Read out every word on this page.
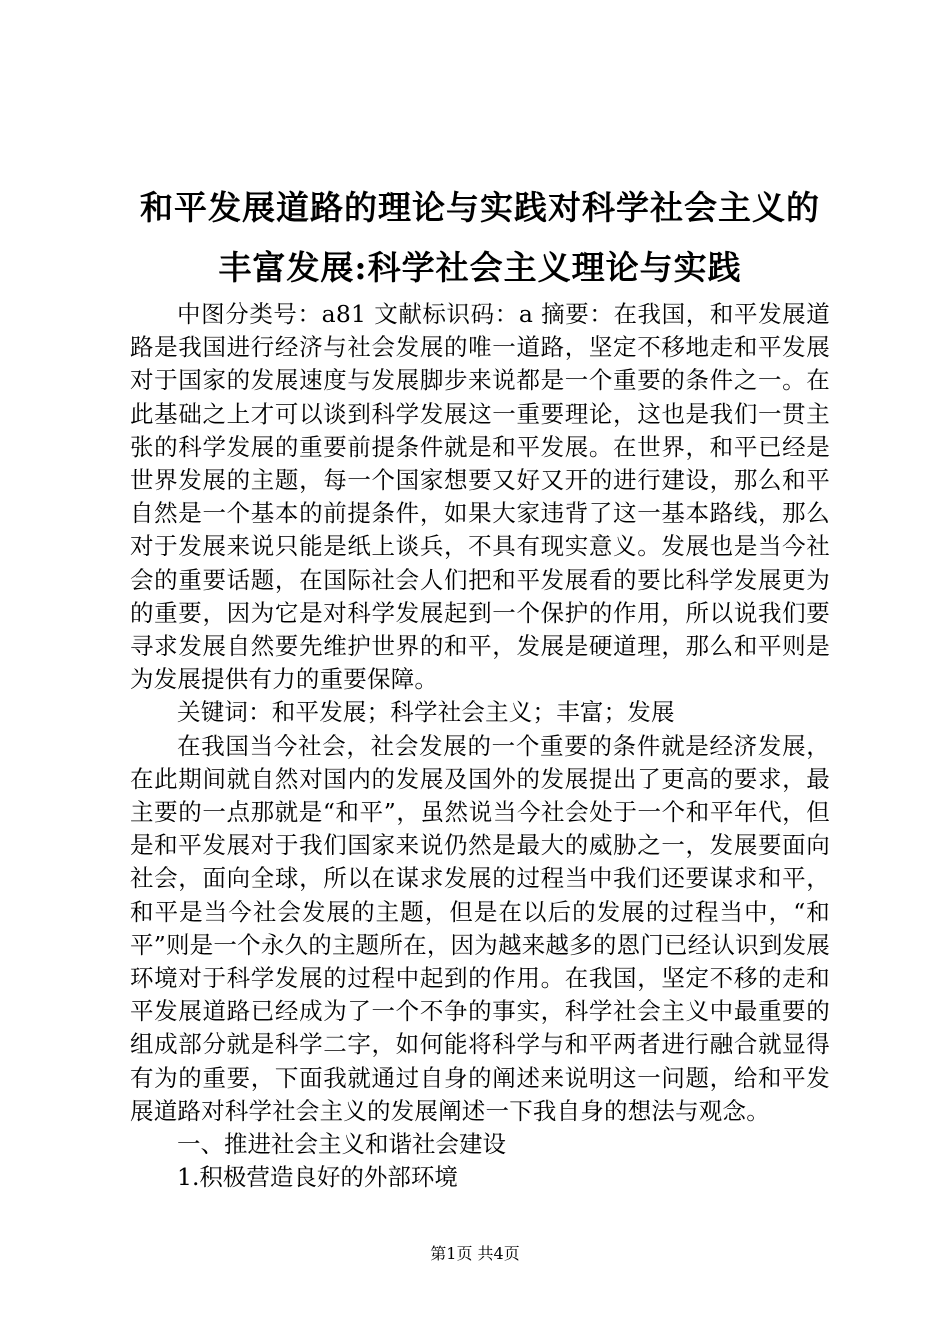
和平发展道路的理论与实践对科学社会主义的
丰富发展:科学社会主义理论与实践

中图分类号：a81 文献标识码：a 摘要：在我国，和平发展道路是我国进行经济与社会发展的唯一道路，坚定不移地走和平发展对于国家的发展速度与发展脚步来说都是一个重要的条件之一。在此基础之上才可以谈到科学发展这一重要理论，这也是我们一贯主张的科学发展的重要前提条件就是和平发展。在世界，和平已经是世界发展的主题，每一个国家想要又好又开的进行建设，那么和平自然是一个基本的前提条件，如果大家违背了这一基本路线，那么对于发展来说只能是纸上谈兵，不具有现实意义。发展也是当今社会的重要话题，在国际社会人们把和平发展看的要比科学发展更为的重要，因为它是对科学发展起到一个保护的作用，所以说我们要寻求发展自然要先维护世界的和平，发展是硬道理，那么和平则是为发展提供有力的重要保障。

关键词：和平发展；科学社会主义；丰富；发展

在我国当今社会，社会发展的一个重要的条件就是经济发展，在此期间就自然对国内的发展及国外的发展提出了更高的要求，最主要的一点那就是“和平”，虽然说当今社会处于一个和平年代，但是和平发展对于我们国家来说仍然是最大的威胁之一，发展要面向社会，面向全球，所以在谋求发展的过程当中我们还要谋求和平，和平是当今社会发展的主题，但是在以后的发展的过程当中，“和平”则是一个永久的主题所在，因为越来越多的恩门已经认识到发展环境对于科学发展的过程中起到的作用。在我国，坚定不移的走和平发展道路已经成为了一个不争的事实，科学社会主义中最重要的组成部分就是科学二字，如何能将科学与和平两者进行融合就显得有为的重要，下面我就通过自身的阐述来说明这一问题，给和平发展道路对科学社会主义的发展阐述一下我自身的想法与观念。

一、推进社会主义和谐社会建设

1.积极营造良好的外部环境

第1页 共4页
